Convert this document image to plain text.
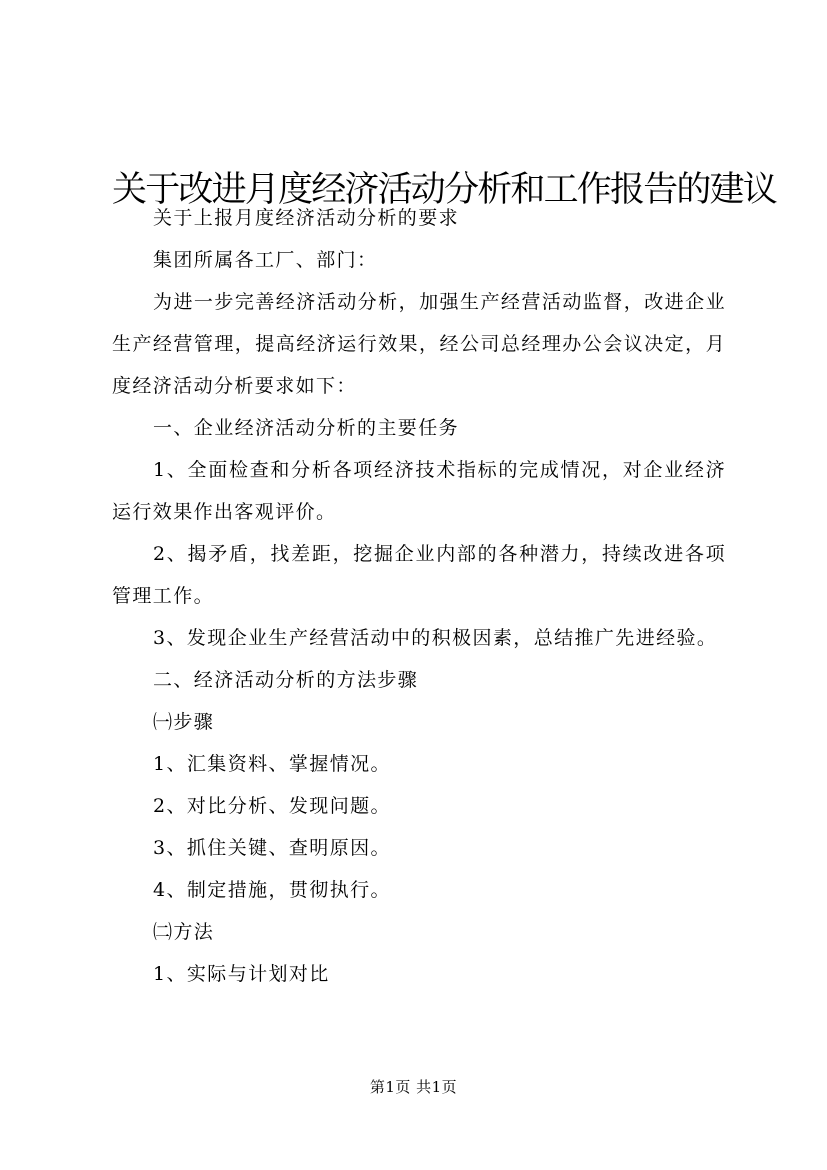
关于改进月度经济活动分析和工作报告的建议

关于上报月度经济活动分析的要求

集团所属各工厂、部门：

为进一步完善经济活动分析，加强生产经营活动监督，改进企业生产经营管理，提高经济运行效果，经公司总经理办公会议决定，月度经济活动分析要求如下：

一、企业经济活动分析的主要任务

1、全面检查和分析各项经济技术指标的完成情况，对企业经济运行效果作出客观评价。

2、揭矛盾，找差距，挖掘企业内部的各种潜力，持续改进各项管理工作。

3、发现企业生产经营活动中的积极因素，总结推广先进经验。

二、经济活动分析的方法步骤

㈠步骤

1、汇集资料、掌握情况。

2、对比分析、发现问题。

3、抓住关键、查明原因。

4、制定措施，贯彻执行。

㈡方法

1、实际与计划对比

第1页 共1页
